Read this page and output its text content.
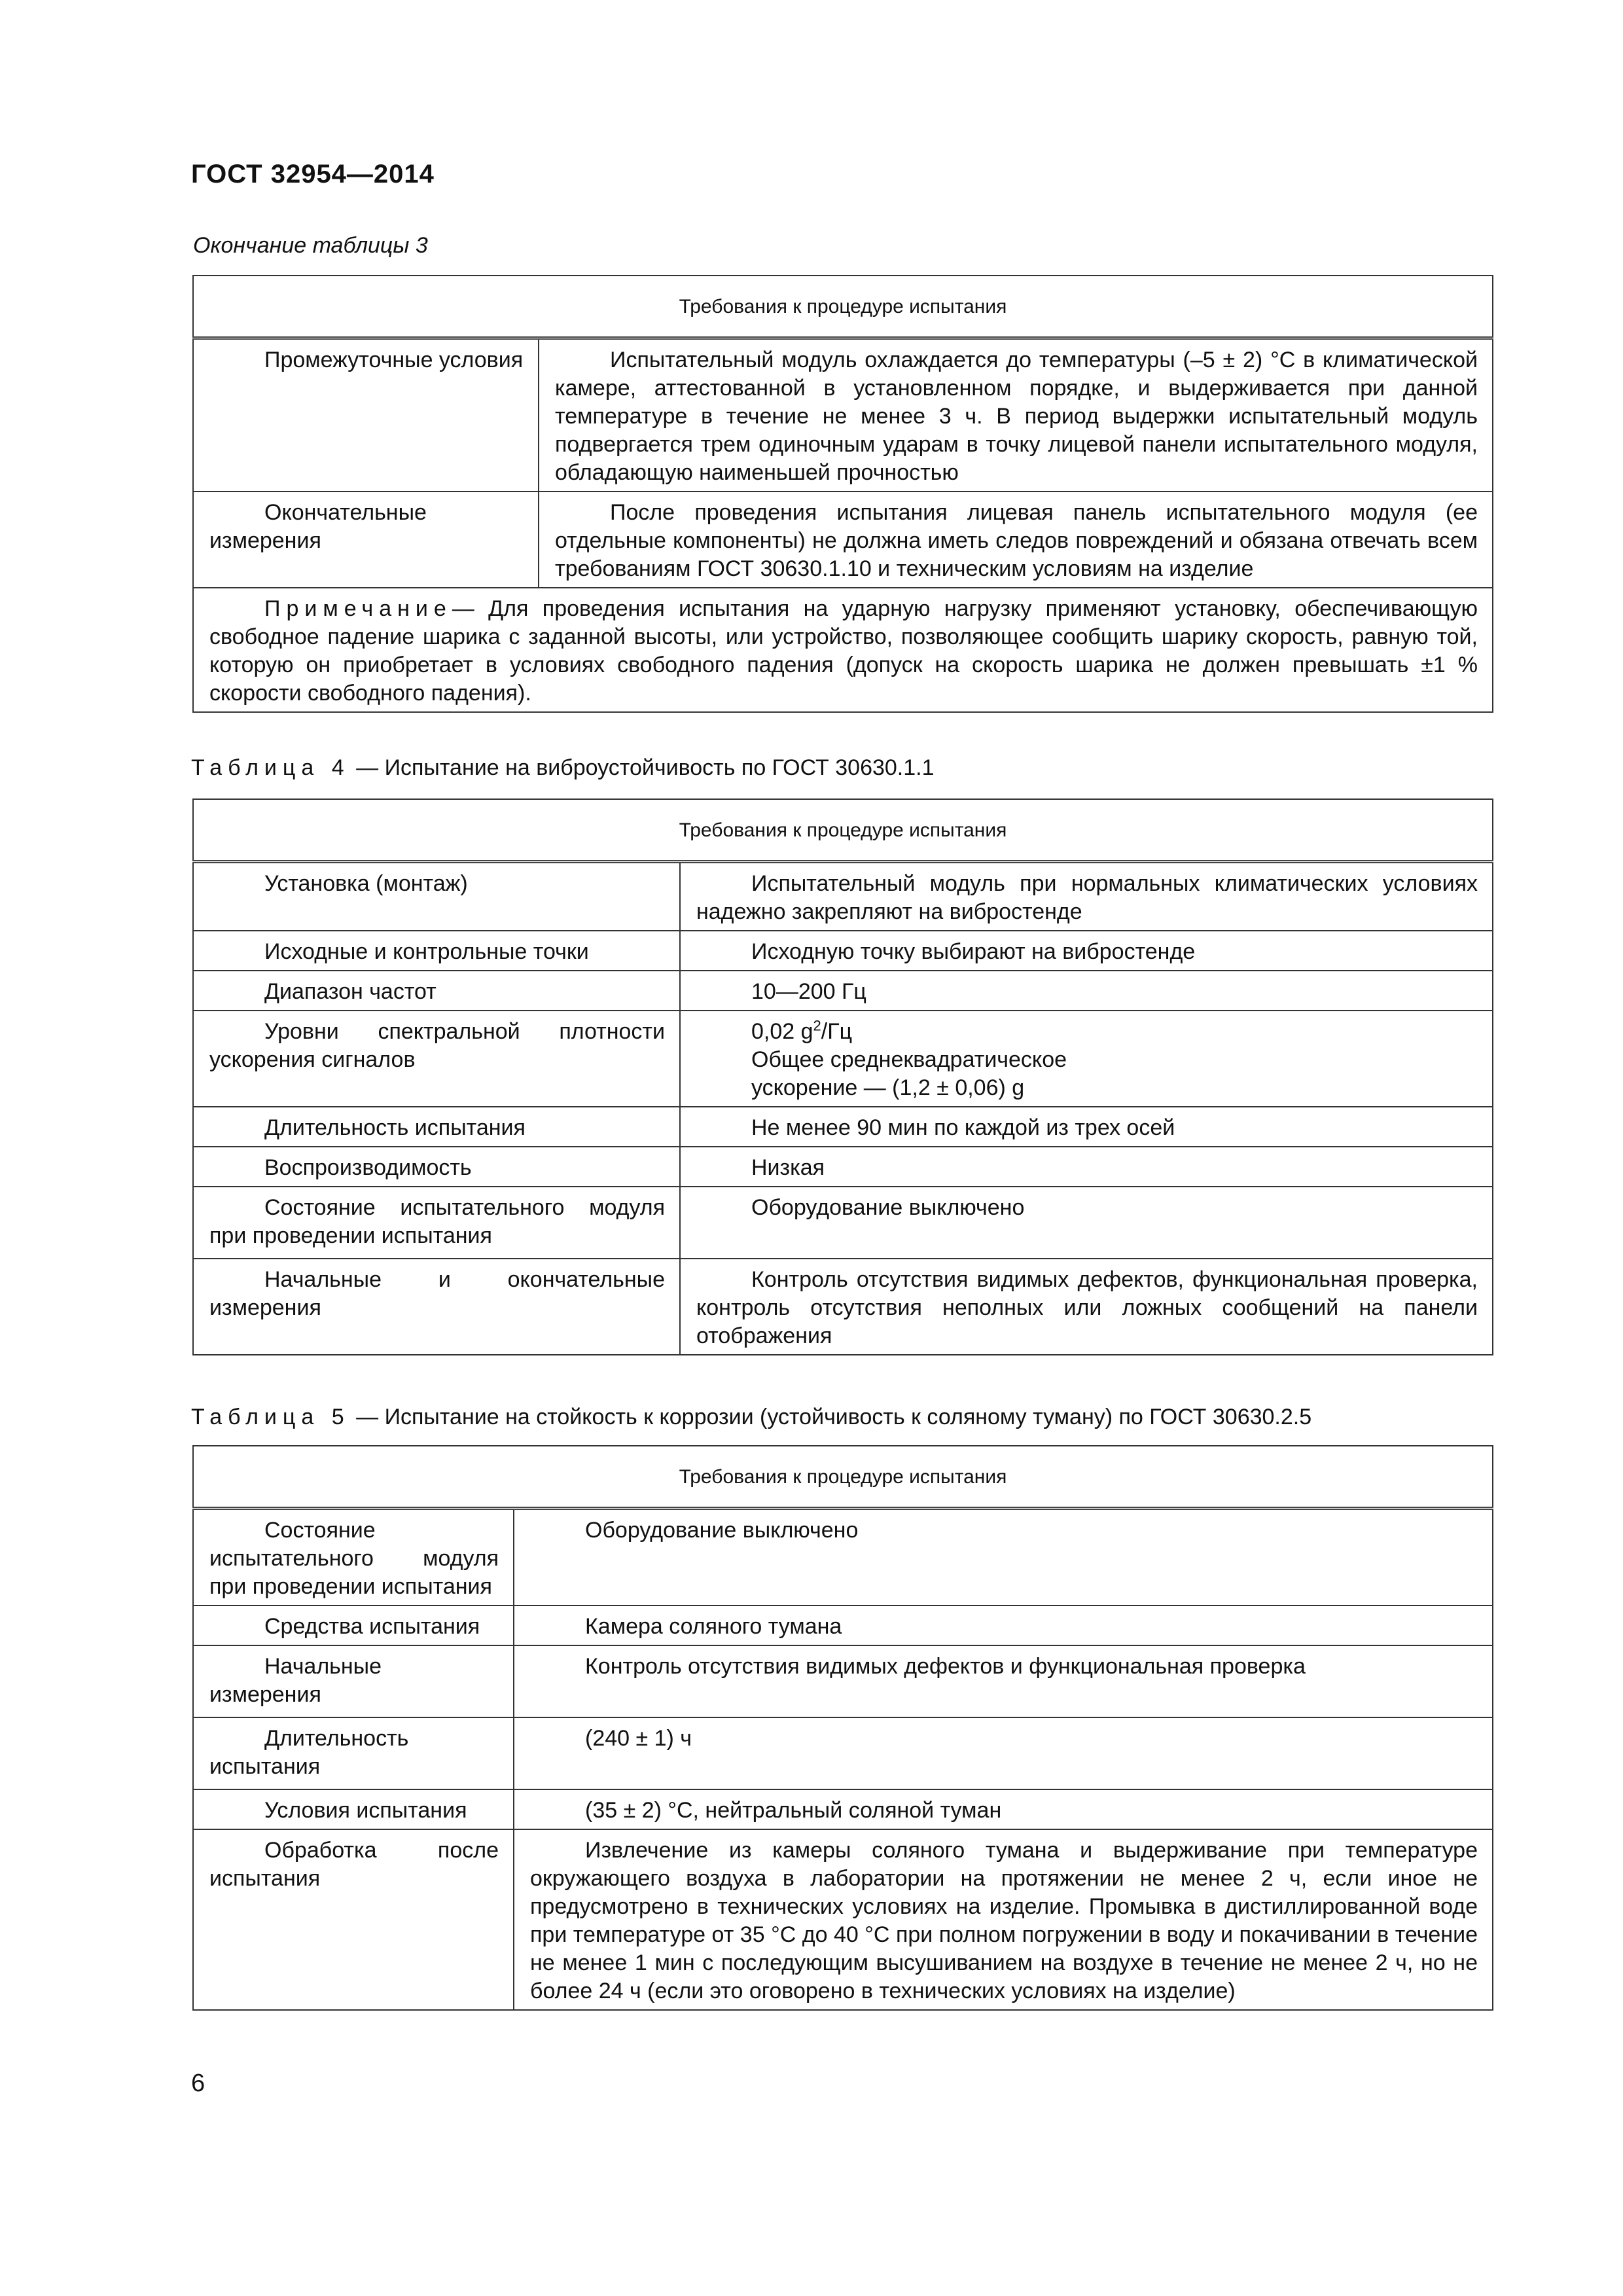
ГОСТ 32954—2014
Окончание таблицы 3
Требования к процедуре испытания	
Промежуточные условия	Испытательный модуль охлаждается до температуры (–5 ± 2) °С в климатической камере, аттестованной в установленном порядке, и выдерживается при данной температуре в течение не менее 3 ч. В период выдержки испытательный модуль подвергается трем одиночным ударам в точку лицевой панели испытательного модуля, обладающую наименьшей прочностью
Окончательные измерения	После проведения испытания лицевая панель испытательного модуля (ее отдельные компоненты) не должна иметь следов повреждений и обязана отвечать всем требованиям ГОСТ 30630.1.10 и техническим условиям на изделие
Примечание— Для проведения испытания на ударную нагрузку применяют установку, обеспечивающую свободное падение шарика с заданной высоты, или устройство, позволяющее сообщить шарику скорость, равную той, которую он приобретает в условиях свободного падения (допуск на скорость шарика не должен превышать ±1 % скорости свободного падения).	
Таблица 4 — Испытание на виброустойчивость по ГОСТ 30630.1.1
Требования к процедуре испытания	
Установка (монтаж)	Испытательный модуль при нормальных климатических условиях надежно закрепляют на вибростенде
Исходные и контрольные точки	Исходную точку выбирают на вибростенде
Диапазон частот	10—200 Гц
Уровни спектральной плотности ускорения сигналов	0,02 $g^2/Гц$
Общее среднеквадратическое
ускорение — (1,2 ± 0,06) g

Длительность испытания	Не менее 90 мин по каждой из трех осей
Воспроизводимость	Низкая
Состояние испытательного модуля при проведении испытания	Оборудование выключено
Начальные и окончательные измерения	Контроль отсутствия видимых дефектов, функциональная проверка, контроль отсутствия неполных или ложных сообщений на панели отображения
Таблица 5 — Испытание на стойкость к коррозии (устойчивость к соляному туману) по ГОСТ 30630.2.5
Требования к процедуре испытания	
Состояние испытательного модуля при проведении испытания	Оборудование выключено
Средства испытания	Камера соляного тумана
Начальные измерения	Контроль отсутствия видимых дефектов и функциональная проверка
Длительность испытания	(240 ± 1) ч
Условия испытания	(35 ± 2) °С, нейтральный соляной туман
Обработка после испытания	Извлечение из камеры соляного тумана и выдерживание при температуре окружающего воздуха в лаборатории на протяжении не менее 2 ч, если иное не предусмотрено в технических условиях на изделие. Промывка в дистиллированной воде при температуре от 35 °С до 40 °С при полном погружении в воду и покачивании в течение не менее 1 мин с последующим высушиванием на воздухе в течение не менее 2 ч, но не более 24 ч (если это оговорено в технических условиях на изделие)
6
